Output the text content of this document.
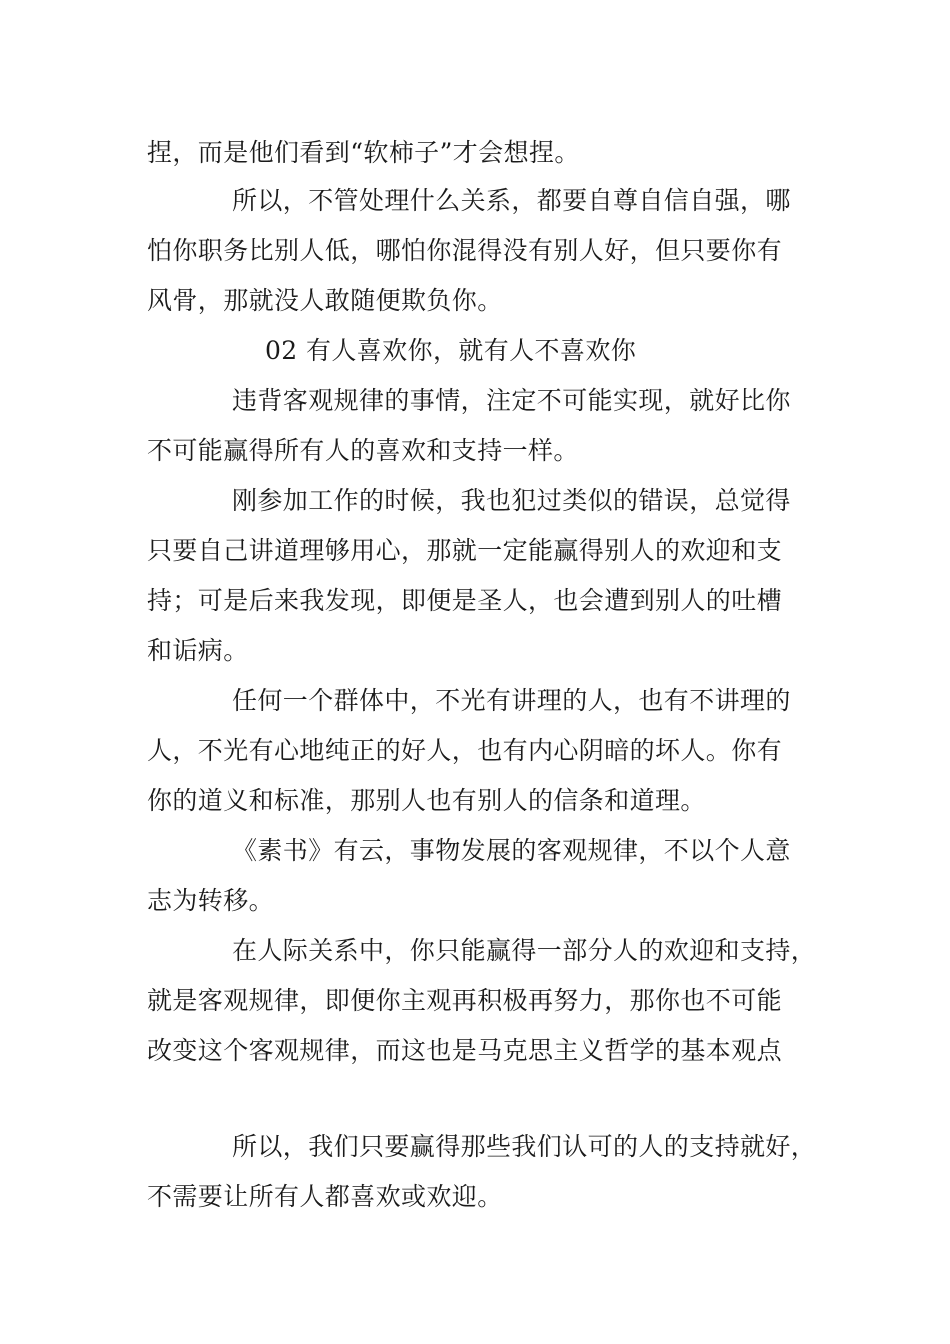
捏，而是他们看到“软柿子”才会想捏。
所以，不管处理什么关系，都要自尊自信自强，哪
怕你职务比别人低，哪怕你混得没有别人好，但只要你有
风骨，那就没人敢随便欺负你。
02 有人喜欢你，就有人不喜欢你
违背客观规律的事情，注定不可能实现，就好比你
不可能赢得所有人的喜欢和支持一样。
刚参加工作的时候，我也犯过类似的错误，总觉得
只要自己讲道理够用心，那就一定能赢得别人的欢迎和支
持；可是后来我发现，即便是圣人，也会遭到别人的吐槽
和诟病。
任何一个群体中，不光有讲理的人，也有不讲理的
人，不光有心地纯正的好人，也有内心阴暗的坏人。你有
你的道义和标准，那别人也有别人的信条和道理。
《素书》有云，事物发展的客观规律，不以个人意
志为转移。
在人际关系中，你只能赢得一部分人的欢迎和支持，
就是客观规律，即便你主观再积极再努力，那你也不可能
改变这个客观规律，而这也是马克思主义哲学的基本观点
所以，我们只要赢得那些我们认可的人的支持就好，
不需要让所有人都喜欢或欢迎。
